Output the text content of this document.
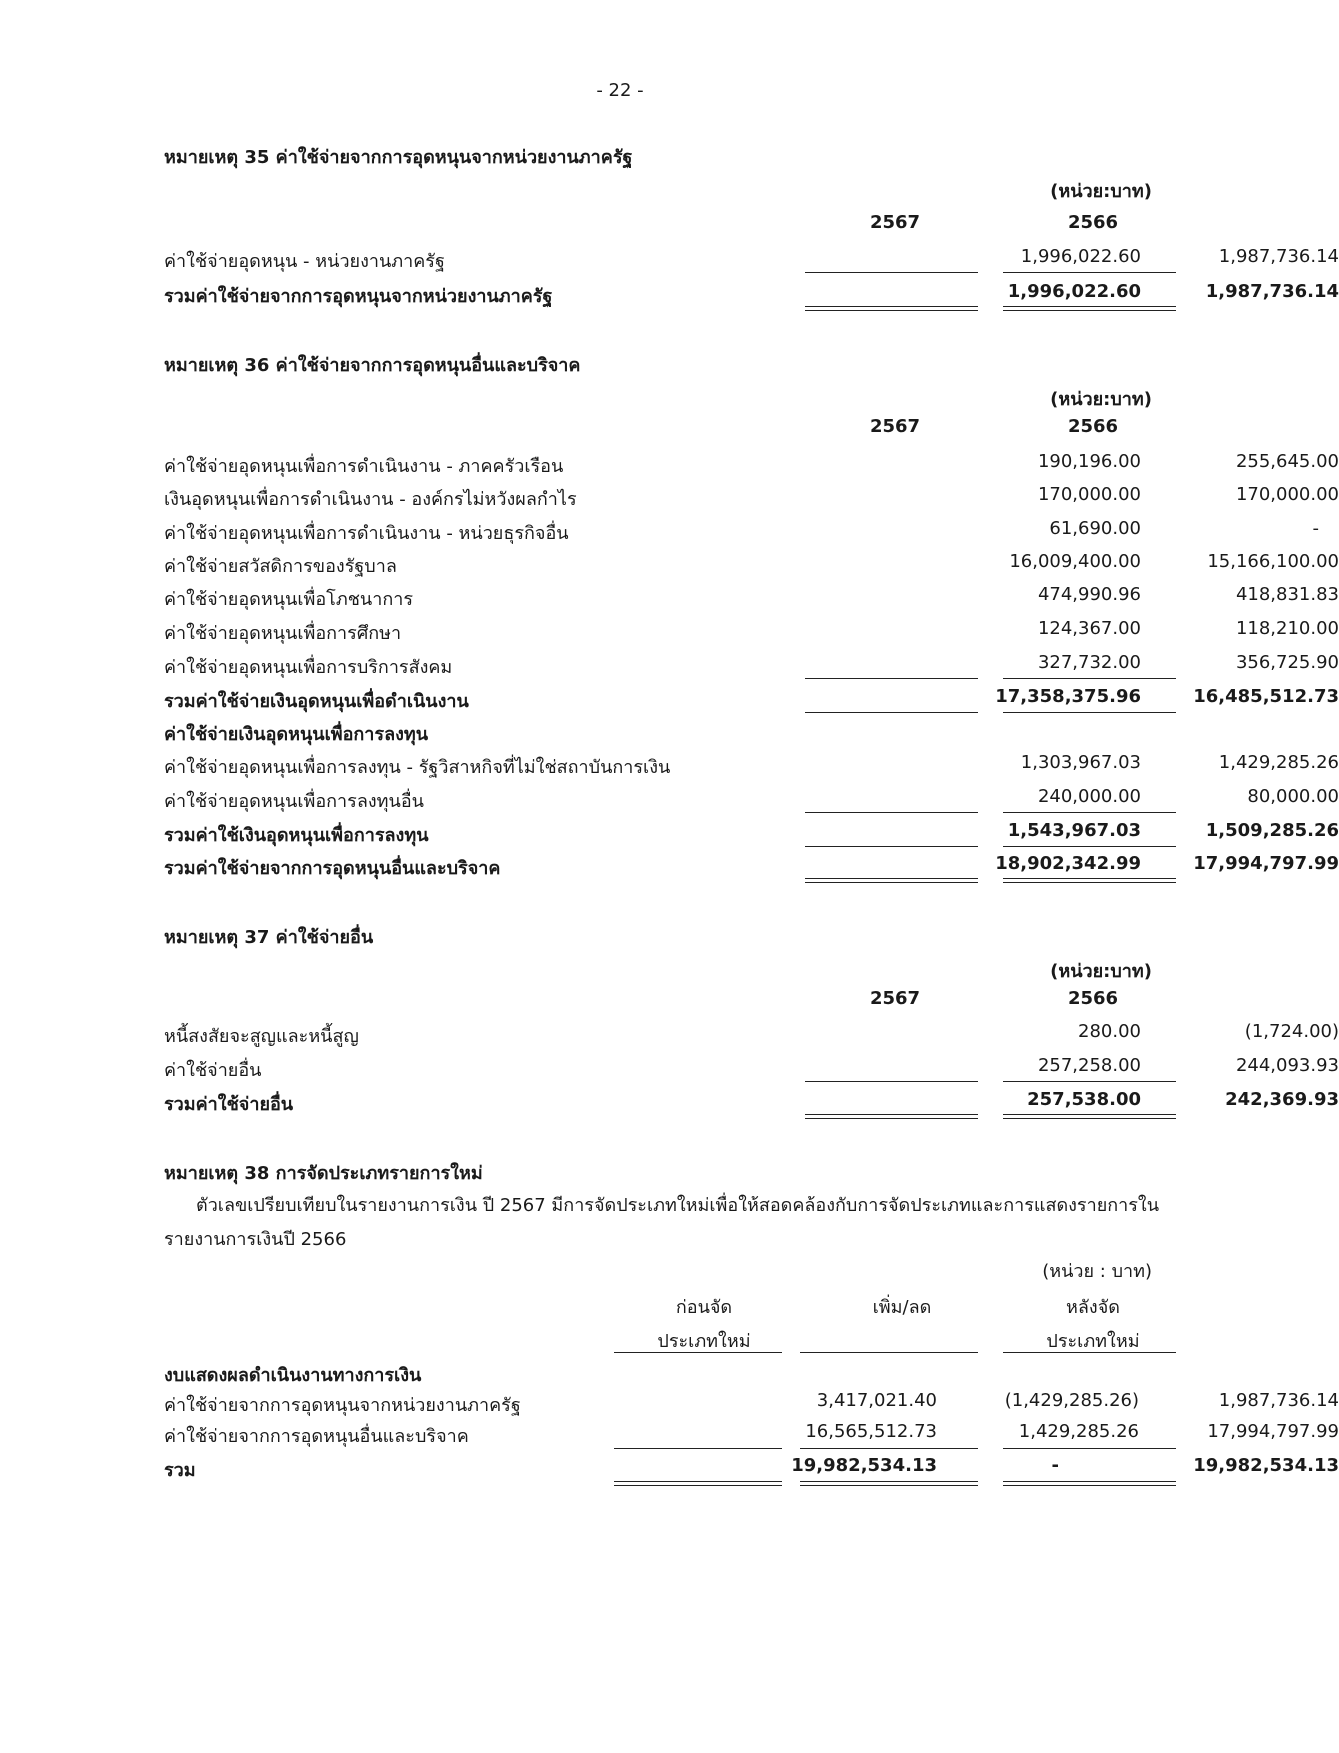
- 22 -
หมายเหตุ 35 ค่าใช้จ่ายจากการอุดหนุนจากหน่วยงานภาครัฐ
(หน่วย:บาท)
2567	2566
ค่าใช้จ่ายอุดหนุน - หน่วยงานภาครัฐ	1,996,022.60	1,987,736.14
รวมค่าใช้จ่ายจากการอุดหนุนจากหน่วยงานภาครัฐ	1,996,022.60	1,987,736.14
หมายเหตุ 36 ค่าใช้จ่ายจากการอุดหนุนอื่นและบริจาค
(หน่วย:บาท)
2567	2566
ค่าใช้จ่ายอุดหนุนเพื่อการดำเนินงาน - ภาคครัวเรือน	190,196.00	255,645.00
เงินอุดหนุนเพื่อการดำเนินงาน - องค์กรไม่หวังผลกำไร	170,000.00	170,000.00
ค่าใช้จ่ายอุดหนุนเพื่อการดำเนินงาน - หน่วยธุรกิจอื่น	61,690.00	-
ค่าใช้จ่ายสวัสดิการของรัฐบาล	16,009,400.00	15,166,100.00
ค่าใช้จ่ายอุดหนุนเพื่อโภชนาการ	474,990.96	418,831.83
ค่าใช้จ่ายอุดหนุนเพื่อการศึกษา	124,367.00	118,210.00
ค่าใช้จ่ายอุดหนุนเพื่อการบริการสังคม	327,732.00	356,725.90
รวมค่าใช้จ่ายเงินอุดหนุนเพื่อดำเนินงาน	17,358,375.96	16,485,512.73
ค่าใช้จ่ายเงินอุดหนุนเพื่อการลงทุน
ค่าใช้จ่ายอุดหนุนเพื่อการลงทุน - รัฐวิสาหกิจที่ไม่ใช่สถาบันการเงิน	1,303,967.03	1,429,285.26
ค่าใช้จ่ายอุดหนุนเพื่อการลงทุนอื่น	240,000.00	80,000.00
รวมค่าใช้เงินอุดหนุนเพื่อการลงทุน	1,543,967.03	1,509,285.26
รวมค่าใช้จ่ายจากการอุดหนุนอื่นและบริจาค	18,902,342.99	17,994,797.99
หมายเหตุ 37 ค่าใช้จ่ายอื่น
(หน่วย:บาท)
2567	2566
หนี้สงสัยจะสูญและหนี้สูญ	280.00	(1,724.00)
ค่าใช้จ่ายอื่น	257,258.00	244,093.93
รวมค่าใช้จ่ายอื่น	257,538.00	242,369.93
หมายเหตุ 38 การจัดประเภทรายการใหม่
ตัวเลขเปรียบเทียบในรายงานการเงิน ปี 2567 มีการจัดประเภทใหม่เพื่อให้สอดคล้องกับการจัดประเภทและการแสดงรายการใน
รายงานการเงินปี 2566
(หน่วย : บาท)
ก่อนจัด
ประเภทใหม่
เพิ่ม/ลด	หลังจัด
ประเภทใหม่
งบแสดงผลดำเนินงานทางการเงิน
ค่าใช้จ่ายจากการอุดหนุนจากหน่วยงานภาครัฐ	3,417,021.40	(1,429,285.26)	1,987,736.14
ค่าใช้จ่ายจากการอุดหนุนอื่นและบริจาค	16,565,512.73	1,429,285.26	17,994,797.99
รวม	19,982,534.13	-	19,982,534.13
